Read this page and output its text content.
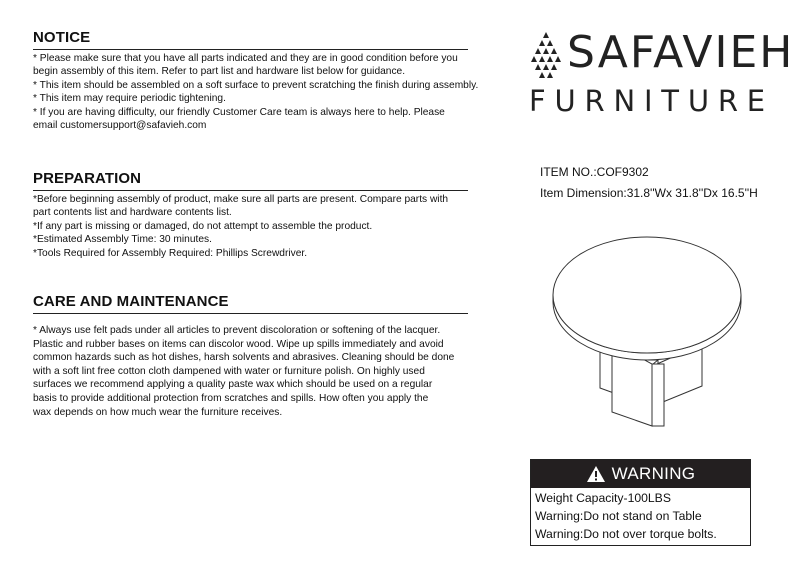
NOTICE

* Please make sure that you have all parts indicated and they are in good condition before you

begin assembly of this item. Refer to part list and hardware list below for guidance.

* This item should be assembled on a soft surface to prevent scratching the finish during assembly.

* This item may require periodic tightening.

* If you are having difficulty, our friendly Customer Care team is always here to help. Please

email customersupport@safavieh.com

PREPARATION

*Before beginning assembly of product, make sure all parts are present. Compare parts with

part contents list and hardware contents list.

*If any part is missing or damaged, do not attempt to assemble the product.

*Estimated Assembly Time: 30 minutes.

*Tools Required for Assembly Required: Phillips Screwdriver.

CARE AND MAINTENANCE

* Always use felt pads under all articles to prevent discoloration or softening of the lacquer.

Plastic and rubber bases on items can discolor wood. Wipe up spills immediately and avoid

common hazards such as hot dishes, harsh solvents and abrasives. Cleaning should be done

with a soft lint free cotton cloth dampened with water or furniture polish. On highly used

surfaces we recommend applying a quality paste wax which should be used on a regular

basis to provide additional protection from scratches and spills. How often you apply the

wax depends on how much wear the furniture receives.

SAFAVIEH
FURNITURE
ITEM NO.:COF9302
Item Dimension:31.8''Wx 31.8''Dx 16.5''H
WARNING
Weight Capacity-100LBS
Warning:Do not stand on Table
Warning:Do not over torque bolts.
